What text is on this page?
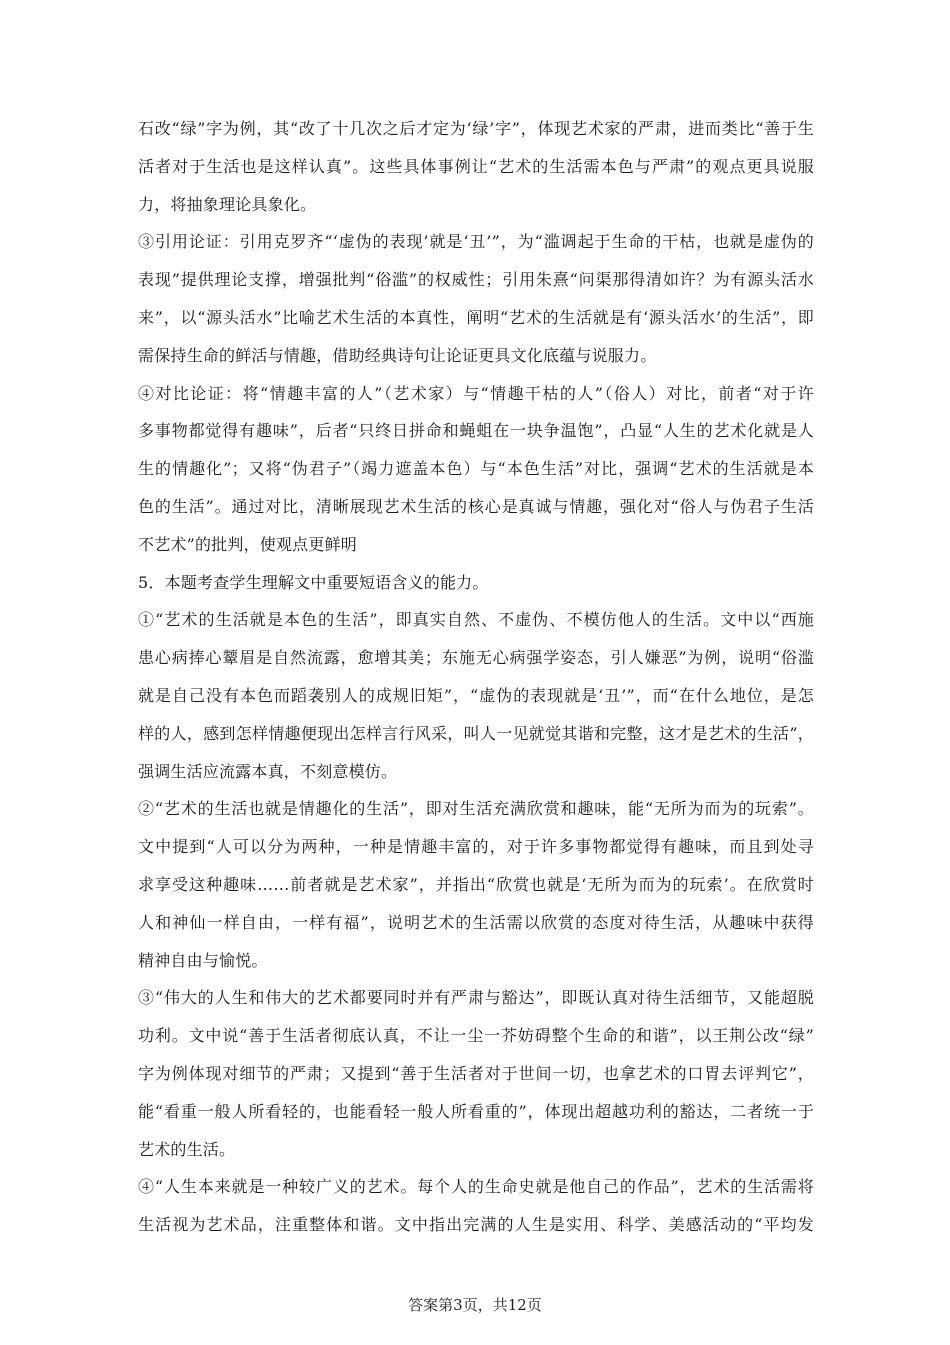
石改“绿”字为例，其“改了十几次之后才定为‘绿’字”，体现艺术家的严肃，进而类比“善于生
活者对于生活也是这样认真”。这些具体事例让“艺术的生活需本色与严肃”的观点更具说服
力，将抽象理论具象化。
③引用论证：引用克罗齐“‘虚伪的表现’就是‘丑’”，为“滥调起于生命的干枯，也就是虚伪的
表现”提供理论支撑，增强批判“俗滥”的权威性；引用朱熹“问渠那得清如许？为有源头活水
来”，以“源头活水”比喻艺术生活的本真性，阐明“艺术的生活就是有‘源头活水’的生活”，即
需保持生命的鲜活与情趣，借助经典诗句让论证更具文化底蕴与说服力。
④对比论证：将“情趣丰富的人”（艺术家）与“情趣干枯的人”（俗人）对比，前者“对于许
多事物都觉得有趣味”，后者“只终日拼命和蝇蛆在一块争温饱”，凸显“人生的艺术化就是人
生的情趣化”；又将“伪君子”（竭力遮盖本色）与“本色生活”对比，强调“艺术的生活就是本
色的生活”。通过对比，清晰展现艺术生活的核心是真诚与情趣，强化对“俗人与伪君子生活
不艺术”的批判，使观点更鲜明
5．本题考查学生理解文中重要短语含义的能力。
①“艺术的生活就是本色的生活”，即真实自然、不虚伪、不模仿他人的生活。文中以“西施
患心病捧心颦眉是自然流露，愈增其美；东施无心病强学姿态，引人嫌恶”为例，说明“俗滥
就是自己没有本色而蹈袭别人的成规旧矩”，“虚伪的表现就是‘丑’”，而“在什么地位，是怎
样的人，感到怎样情趣便现出怎样言行风采，叫人一见就觉其谐和完整，这才是艺术的生活”，
强调生活应流露本真，不刻意模仿。
②“艺术的生活也就是情趣化的生活”，即对生活充满欣赏和趣味，能“无所为而为的玩索”。
文中提到“人可以分为两种，一种是情趣丰富的，对于许多事物都觉得有趣味，而且到处寻
求享受这种趣味……前者就是艺术家”，并指出“欣赏也就是‘无所为而为的玩索’。在欣赏时
人和神仙一样自由，一样有福”，说明艺术的生活需以欣赏的态度对待生活，从趣味中获得
精神自由与愉悦。
③“伟大的人生和伟大的艺术都要同时并有严肃与豁达”，即既认真对待生活细节，又能超脱
功利。文中说“善于生活者彻底认真，不让一尘一芥妨碍整个生命的和谐”，以王荆公改“绿”
字为例体现对细节的严肃；又提到“善于生活者对于世间一切，也拿艺术的口胃去评判它”，
能“看重一般人所看轻的，也能看轻一般人所看重的”，体现出超越功利的豁达，二者统一于
艺术的生活。
④“人生本来就是一种较广义的艺术。每个人的生命史就是他自己的作品”，艺术的生活需将
生活视为艺术品，注重整体和谐。文中指出完满的人生是实用、科学、美感活动的“平均发
答案第3页，共12页
